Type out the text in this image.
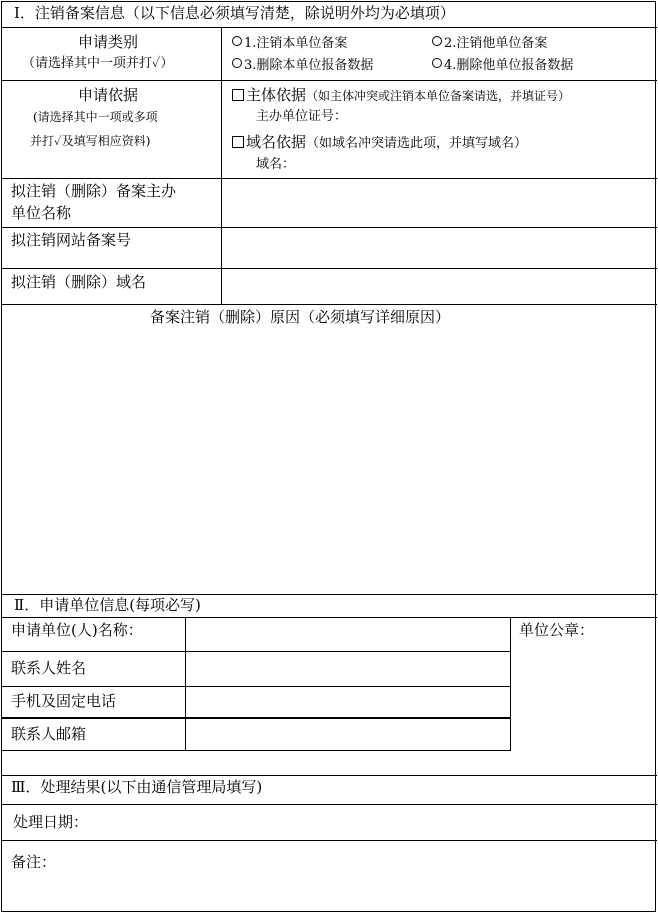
Ⅰ．注销备案信息（以下信息必须填写清楚，除说明外均为必填项）
申请类别
（请选择其中一项并打✓）
1.注销本单位备案	2.注销他单位备案
3.删除本单位报备数据	4.删除他单位报备数据
申请依据
(请选择其中一项或多项
并打✓及填写相应资料)
主体依据（如主体冲突或注销本单位备案请选，并填证号）
主办单位证号：
域名依据（如域名冲突请选此项，并填写域名）
域名：
拟注销（删除）备案主办
单位名称
拟注销网站备案号
拟注销（删除）域名
备案注销（删除）原因（必须填写详细原因）
Ⅱ．申请单位信息(每项必写)
申请单位(人)名称：
联系人姓名
手机及固定电话
联系人邮箱
单位公章：
Ⅲ．处理结果(以下由通信管理局填写)
处理日期：
备注：
